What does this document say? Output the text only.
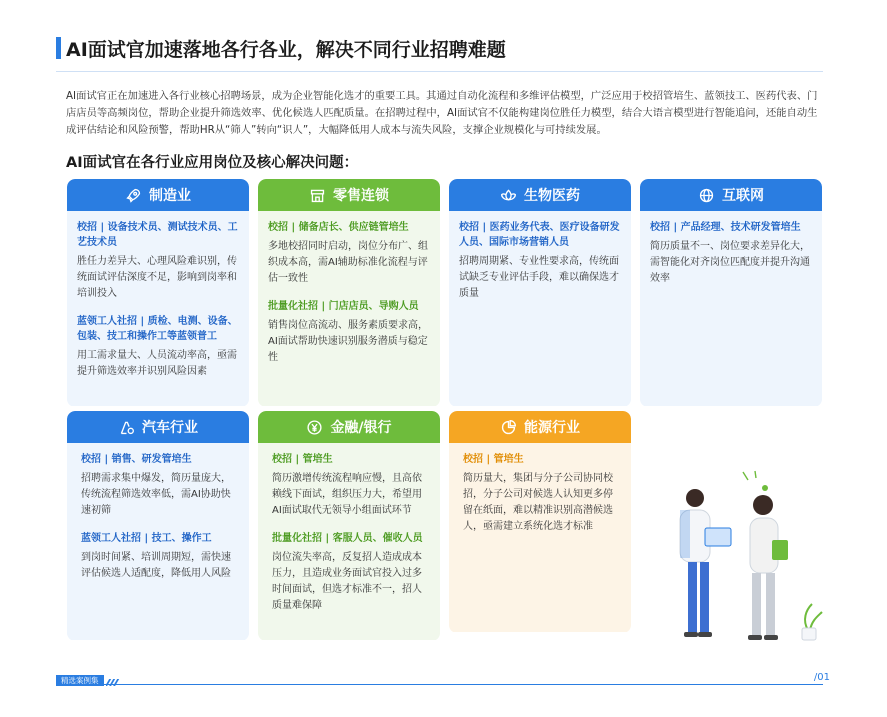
AI面试官加速落地各行各业，解决不同行业招聘难题
AI面试官正在加速进入各行业核心招聘场景，成为企业智能化选才的重要工具。其通过自动化流程和多维评估模型，广泛应用于校招管培生、蓝领技工、医药代表、门店店员等高频岗位，帮助企业提升筛选效率、优化候选人匹配质量。在招聘过程中，AI面试官不仅能构建岗位胜任力模型，结合大语言模型进行智能追问，还能自动生成评估结论和风险预警，帮助HR从“筛人”转向“识人”，大幅降低用人成本与流失风险，支撑企业规模化与可持续发展。
AI面试官在各行业应用岗位及核心解决问题：
制造业
校招 | 设备技术员、测试技术员、工艺技术员
胜任力差异大、心理风险难识别，传统面试评估深度不足，影响到岗率和培训投入
蓝领工人社招 | 质检、电测、设备、包装、技工和操作工等蓝领普工
用工需求量大、人员流动率高，亟需提升筛选效率并识别风险因素
零售连锁
校招 | 储备店长、供应链管培生
多地校招同时启动，岗位分布广、组织成本高，需AI辅助标准化流程与评估一致性
批量化社招 | 门店店员、导购人员
销售岗位高流动、服务素质要求高，AI面试帮助快速识别服务潜质与稳定性
生物医药
校招 | 医药业务代表、医疗设备研发人员、国际市场营销人员
招聘周期紧、专业性要求高，传统面试缺乏专业评估手段，难以确保选才质量
互联网
校招 | 产品经理、技术研发管培生
简历质量不一、岗位要求差异化大，需智能化对齐岗位匹配度并提升沟通效率
汽车行业
校招 | 销售、研发管培生
招聘需求集中爆发，简历量庞大，传统流程筛选效率低，需AI协助快速初筛
蓝领工人社招 | 技工、操作工
到岗时间紧、培训周期短，需快速评估候选人适配度，降低用人风险
金融/银行
校招 | 管培生
简历激增传统流程响应慢，且高依赖线下面试，组织压力大，希望用AI面试取代无领导小组面试环节
批量化社招 | 客服人员、催收人员
岗位流失率高，反复招人造成成本压力，且造成业务面试官投入过多时间面试，但选才标准不一，招人质量难保障
能源行业
校招 | 管培生
简历量大，集团与分子公司协同校招，分子公司对候选人认知更多停留在纸面，难以精准识别高潜候选人，亟需建立系统化选才标准
精选案例集	/01
